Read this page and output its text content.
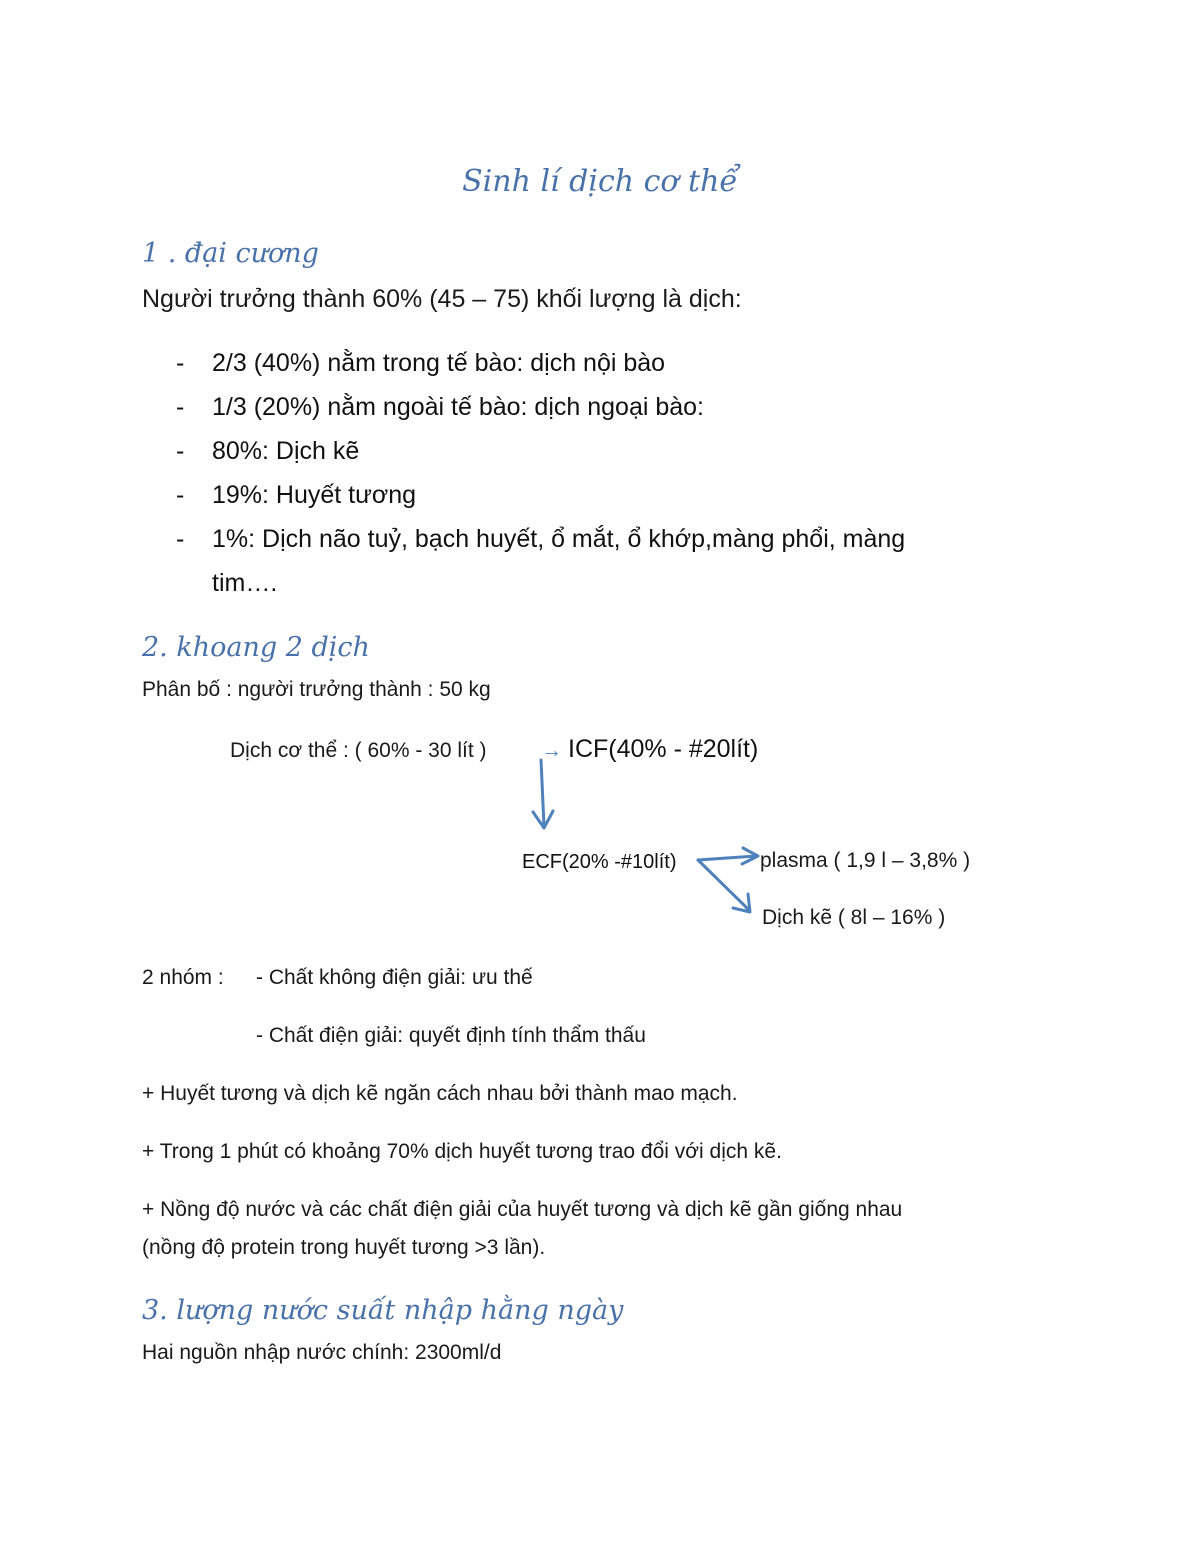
Sinh lí dịch cơ thể
1 . đại cương
Người trưởng thành 60% (45 – 75) khối lượng là dịch:
- 2/3 (40%) nằm trong tế bào: dịch nội bào
- 1/3 (20%) nằm ngoài tế bào: dịch ngoại bào:
- 80%: Dịch kẽ
- 19%: Huyết tương
- 1%: Dịch não tuỷ, bạch huyết, ổ mắt, ổ khớp,màng phổi, màng
tim….
2. khoang 2 dịch
Phân bố : người trưởng thành : 50 kg
Dịch cơ thể : ( 60% - 30 lít )	→ ICF(40% - #20lít)
ECF(20% -#10lít)	plasma ( 1,9 l – 3,8% )
Dịch kẽ ( 8l – 16% )
2 nhóm : - Chất không điện giải: ưu thế
- Chất điện giải: quyết định tính thẩm thấu
+ Huyết tương và dịch kẽ ngăn cách nhau bởi thành mao mạch.
+ Trong 1 phút có khoảng 70% dịch huyết tương trao đổi với dịch kẽ.
+ Nồng độ nước và các chất điện giải của huyết tương và dịch kẽ gần giống nhau
(nồng độ protein trong huyết tương >3 lần).
3. lượng nước suất nhập hằng ngày
Hai nguồn nhập nước chính: 2300ml/d
